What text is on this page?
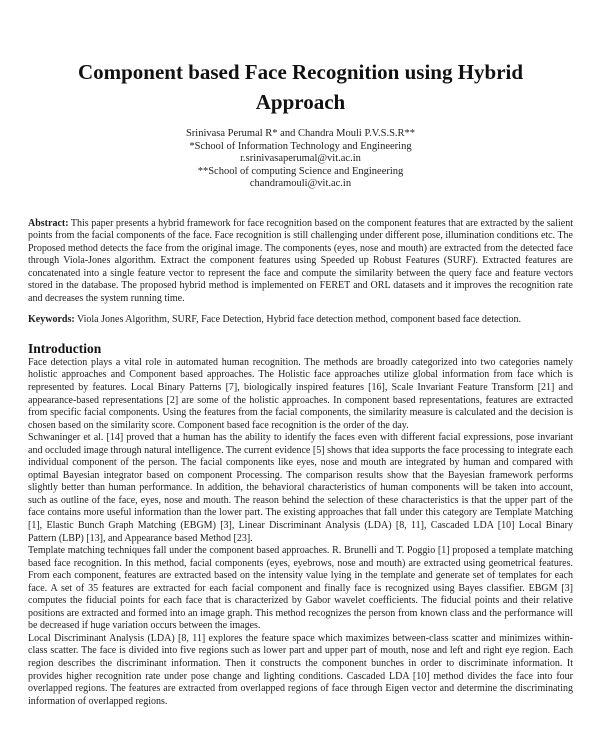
Component based Face Recognition using Hybrid
Approach
Srinivasa Perumal R* and Chandra Mouli P.V.S.S.R**
*School of Information Technology and Engineering
r.srinivasaperumal@vit.ac.in
**School of computing Science and Engineering
chandramouli@vit.ac.in

Abstract: This paper presents a hybrid framework for face recognition based on the component features that are extracted by the salient points from the facial components of the face. Face recognition is still challenging under different pose, illumination conditions etc. The Proposed method detects the face from the original image. The components (eyes, nose and mouth) are extracted from the detected face through Viola-Jones algorithm. Extract the component features using Speeded up Robust Features (SURF). Extracted features are concatenated into a single feature vector to represent the face and compute the similarity between the query face and feature vectors stored in the database. The proposed hybrid method is implemented on FERET and ORL datasets and it improves the recognition rate and decreases the system running time.

Keywords: Viola Jones Algorithm, SURF, Face Detection, Hybrid face detection method, component based face detection.

Introduction

Face detection plays a vital role in automated human recognition. The methods are broadly categorized into two categories namely holistic approaches and Component based approaches. The Holistic face approaches utilize global information from face which is represented by features. Local Binary Patterns [7], biologically inspired features [16], Scale Invariant Feature Transform [21] and appearance-based representations [2] are some of the holistic approaches. In component based representations, features are extracted from specific facial components. Using the features from the facial components, the similarity measure is calculated and the decision is chosen based on the similarity score. Component based face recognition is the order of the day.

Schwaninger et al. [14] proved that a human has the ability to identify the faces even with different facial expressions, pose invariant and occluded image through natural intelligence. The current evidence [5] shows that idea supports the face processing to integrate each individual component of the person. The facial components like eyes, nose and mouth are integrated by human and compared with optimal Bayesian integrator based on component Processing. The comparison results show that the Bayesian framework performs slightly better than human performance. In addition, the behavioral characteristics of human components will be taken into account, such as outline of the face, eyes, nose and mouth. The reason behind the selection of these characteristics is that the upper part of the face contains more useful information than the lower part. The existing approaches that fall under this category are Template Matching [1], Elastic Bunch Graph Matching (EBGM) [3], Linear Discriminant Analysis (LDA) [8, 11], Cascaded LDA [10] Local Binary Pattern (LBP) [13], and Appearance based Method [23].

Template matching techniques fall under the component based approaches. R. Brunelli and T. Poggio [1] proposed a template matching based face recognition. In this method, facial components (eyes, eyebrows, nose and mouth) are extracted using geometrical features. From each component, features are extracted based on the intensity value lying in the template and generate set of templates for each face. A set of 35 features are extracted for each facial component and finally face is recognized using Bayes classifier. EBGM [3] computes the fiducial points for each face that is characterized by Gabor wavelet coefficients. The fiducial points and their relative positions are extracted and formed into an image graph. This method recognizes the person from known class and the performance will be decreased if huge variation occurs between the images.

Local Discriminant Analysis (LDA) [8, 11] explores the feature space which maximizes between-class scatter and minimizes within-class scatter. The face is divided into five regions such as lower part and upper part of mouth, nose and left and right eye region. Each region describes the discriminant information. Then it constructs the component bunches in order to discriminate information. It provides higher recognition rate under pose change and lighting conditions. Cascaded LDA [10] method divides the face into four overlapped regions. The features are extracted from overlapped regions of face through Eigen vector and determine the discriminating information of overlapped regions.
